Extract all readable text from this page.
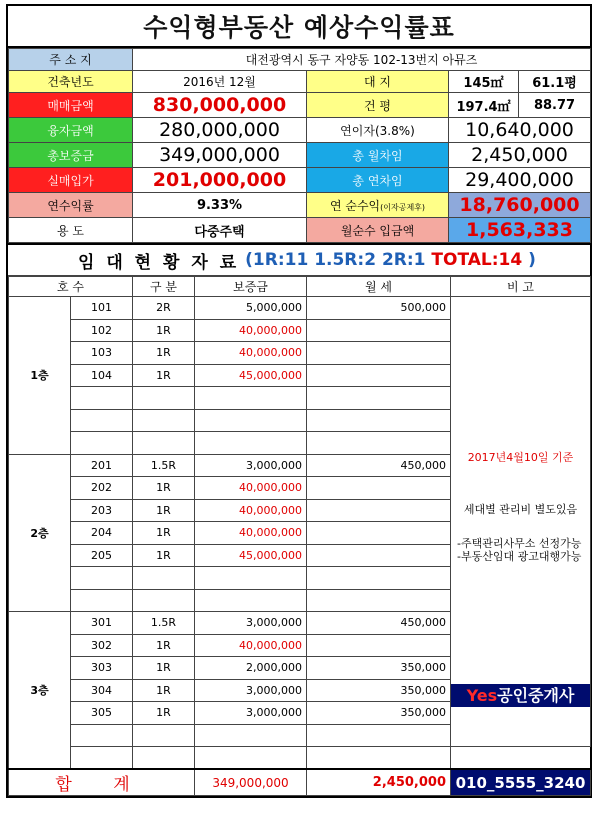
수익형부동산 예상수익률표
주 소 지	대전광역시 동구 자양동 102-13번지 아뮤즈			
건축년도	2016년 12월	대 지	145㎡	61.1평
매매금액	830,000,000	건 평	197.4㎡	88.77
융자금액	280,000,000	연이자(3.8%)	10,640,000	
총보증금	349,000,000	총 월차임	2,450,000	
실매입가	201,000,000	총 연차임	29,400,000	
연수익률	9.33%	연 순수익(이자공제후)	18,760,000	
용 도	다중주택	월순수 입금액	1,563,333	
임 대 현 황 자 료 (1R:11 1.5R:2 2R:1 TOTAL:14 )
호 수		구 분	보증금	월 세	비 고
1층	101	2R	5,000,000	500,000	2017년4월10일 기준
세대별 관리비 별도있음
-주택관리사무소 선정가능
-부동산임대 광고대행가능
Yes공인중개사

	102	1R	40,000,000		
	103	1R	40,000,000		
	104	1R	45,000,000		

2층	201	1.5R	3,000,000	450,000	
	202	1R	40,000,000		
	203	1R	40,000,000		
	204	1R	40,000,000		
	205	1R	45,000,000		

3층	301	1.5R	3,000,000	450,000	
	302	1R	40,000,000		
	303	1R	2,000,000	350,000	
	304	1R	3,000,000	350,000	
	305	1R	3,000,000	350,000	

합 계			349,000,000	2,450,000	010_5555_3240
